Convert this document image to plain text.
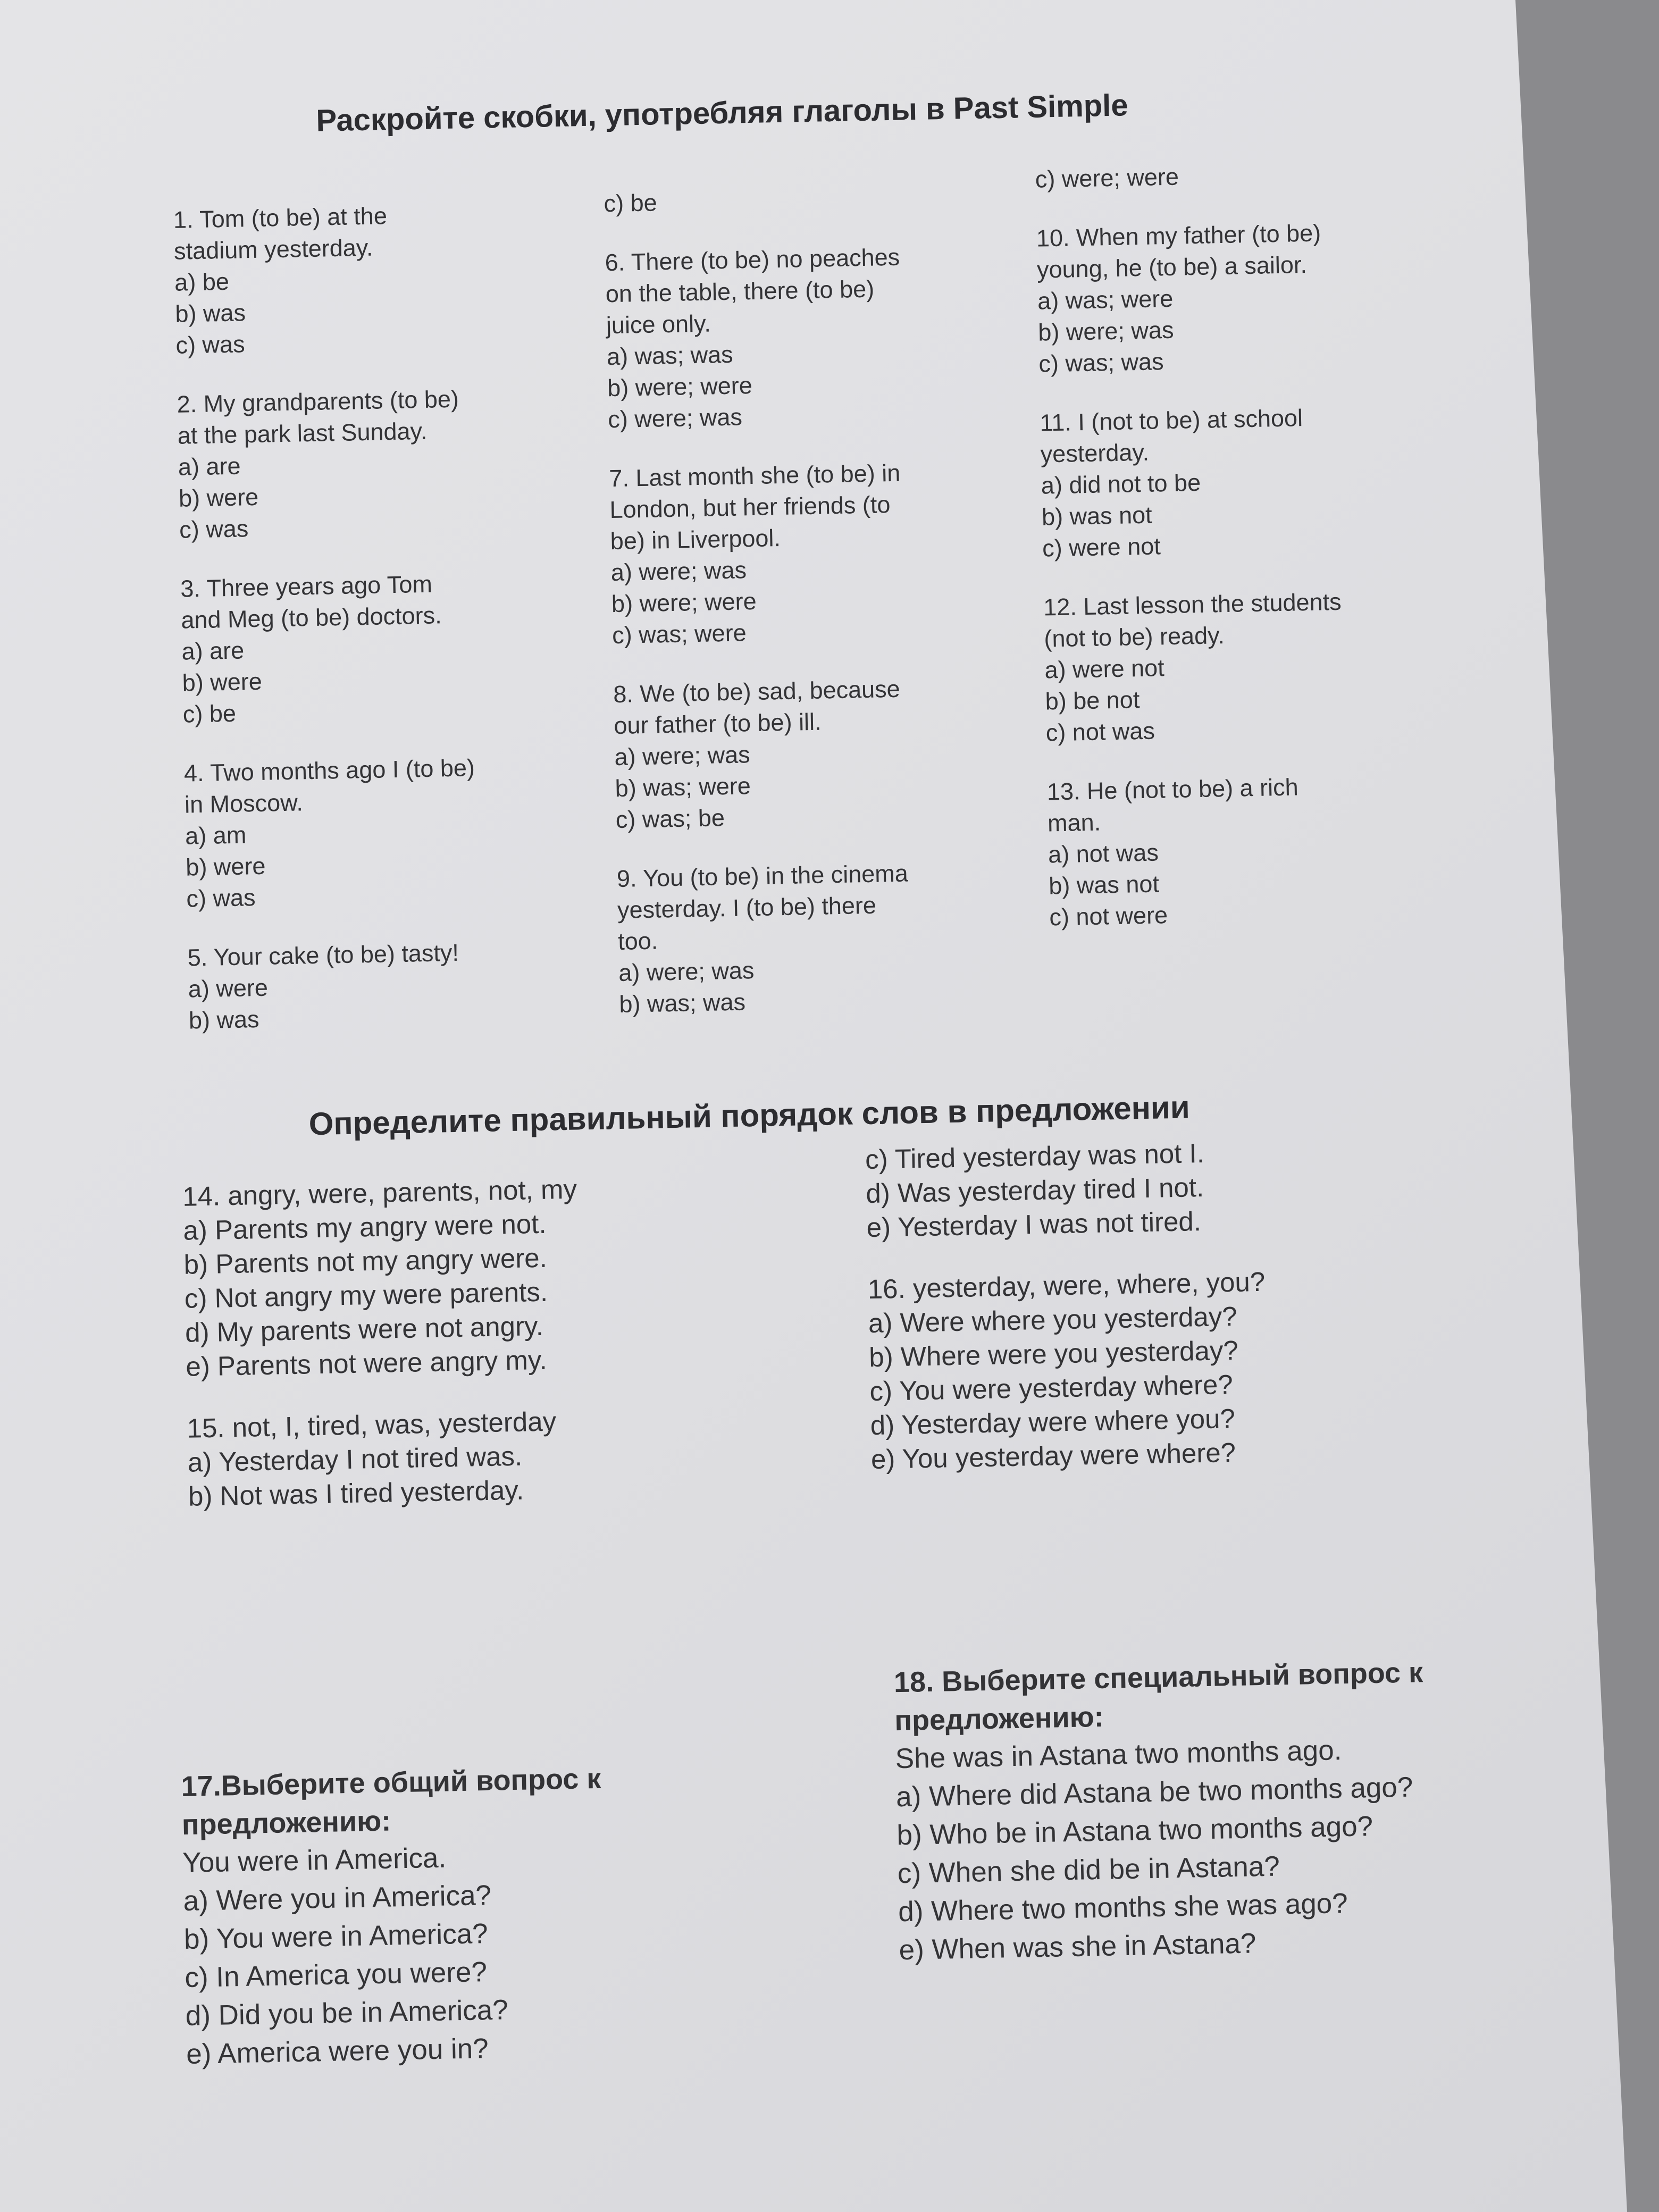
Раскройте скобки, употребляя глаголы в Past Simple
1. Tom (to be) at the
stadium yesterday.
a) be
b) was
c) was
2. My grandparents (to be)
at the park last Sunday.
a) are
b) were
c) was
3. Three years ago Tom
and Meg (to be) doctors.
a) are
b) were
c) be
4. Two months ago I (to be)
in Moscow.
a) am
b) were
c) was
5. Your cake (to be) tasty!
a) were
b) was
c) be
6. There (to be) no peaches
on the table, there (to be)
juice only.
a) was; was
b) were; were
c) were; was
7. Last month she (to be) in
London, but her friends (to
be) in Liverpool.
a) were; was
b) were; were
c) was; were
8. We (to be) sad, because
our father (to be) ill.
a) were; was
b) was; were
c) was; be
9. You (to be) in the cinema
yesterday. I (to be) there
too.
a) were; was
b) was; was
c) were; were
10. When my father (to be)
young, he (to be) a sailor.
a) was; were
b) were; was
c) was; was
11. I (not to be) at school
yesterday.
a) did not to be
b) was not
c) were not
12. Last lesson the students
(not to be) ready.
a) were not
b) be not
c) not was
13. He (not to be) a rich
man.
a) not was
b) was not
c) not were
Определите правильный порядок слов в предложении
14. angry, were, parents, not, my
a) Parents my angry were not.
b) Parents not my angry were.
c) Not angry my were parents.
d) My parents were not angry.
e) Parents not were angry my.
15. not, I, tired, was, yesterday
a) Yesterday I not tired was.
b) Not was I tired yesterday.
c) Tired yesterday was not I.
d) Was yesterday tired I not.
e) Yesterday I was not tired.
16. yesterday, were, where, you?
a) Were where you yesterday?
b) Where were you yesterday?
c) You were yesterday where?
d) Yesterday were where you?
e) You yesterday were where?
17.Выберите общий вопрос к
предложению:
You were in America.
a) Were you in America?
b) You were in America?
c) In America you were?
d) Did you be in America?
e) America were you in?
18. Выберите специальный вопрос к
предложению:
She was in Astana two months ago.
a) Where did Astana be two months ago?
b) Who be in Astana two months ago?
c) When she did be in Astana?
d) Where two months she was ago?
e) When was she in Astana?
